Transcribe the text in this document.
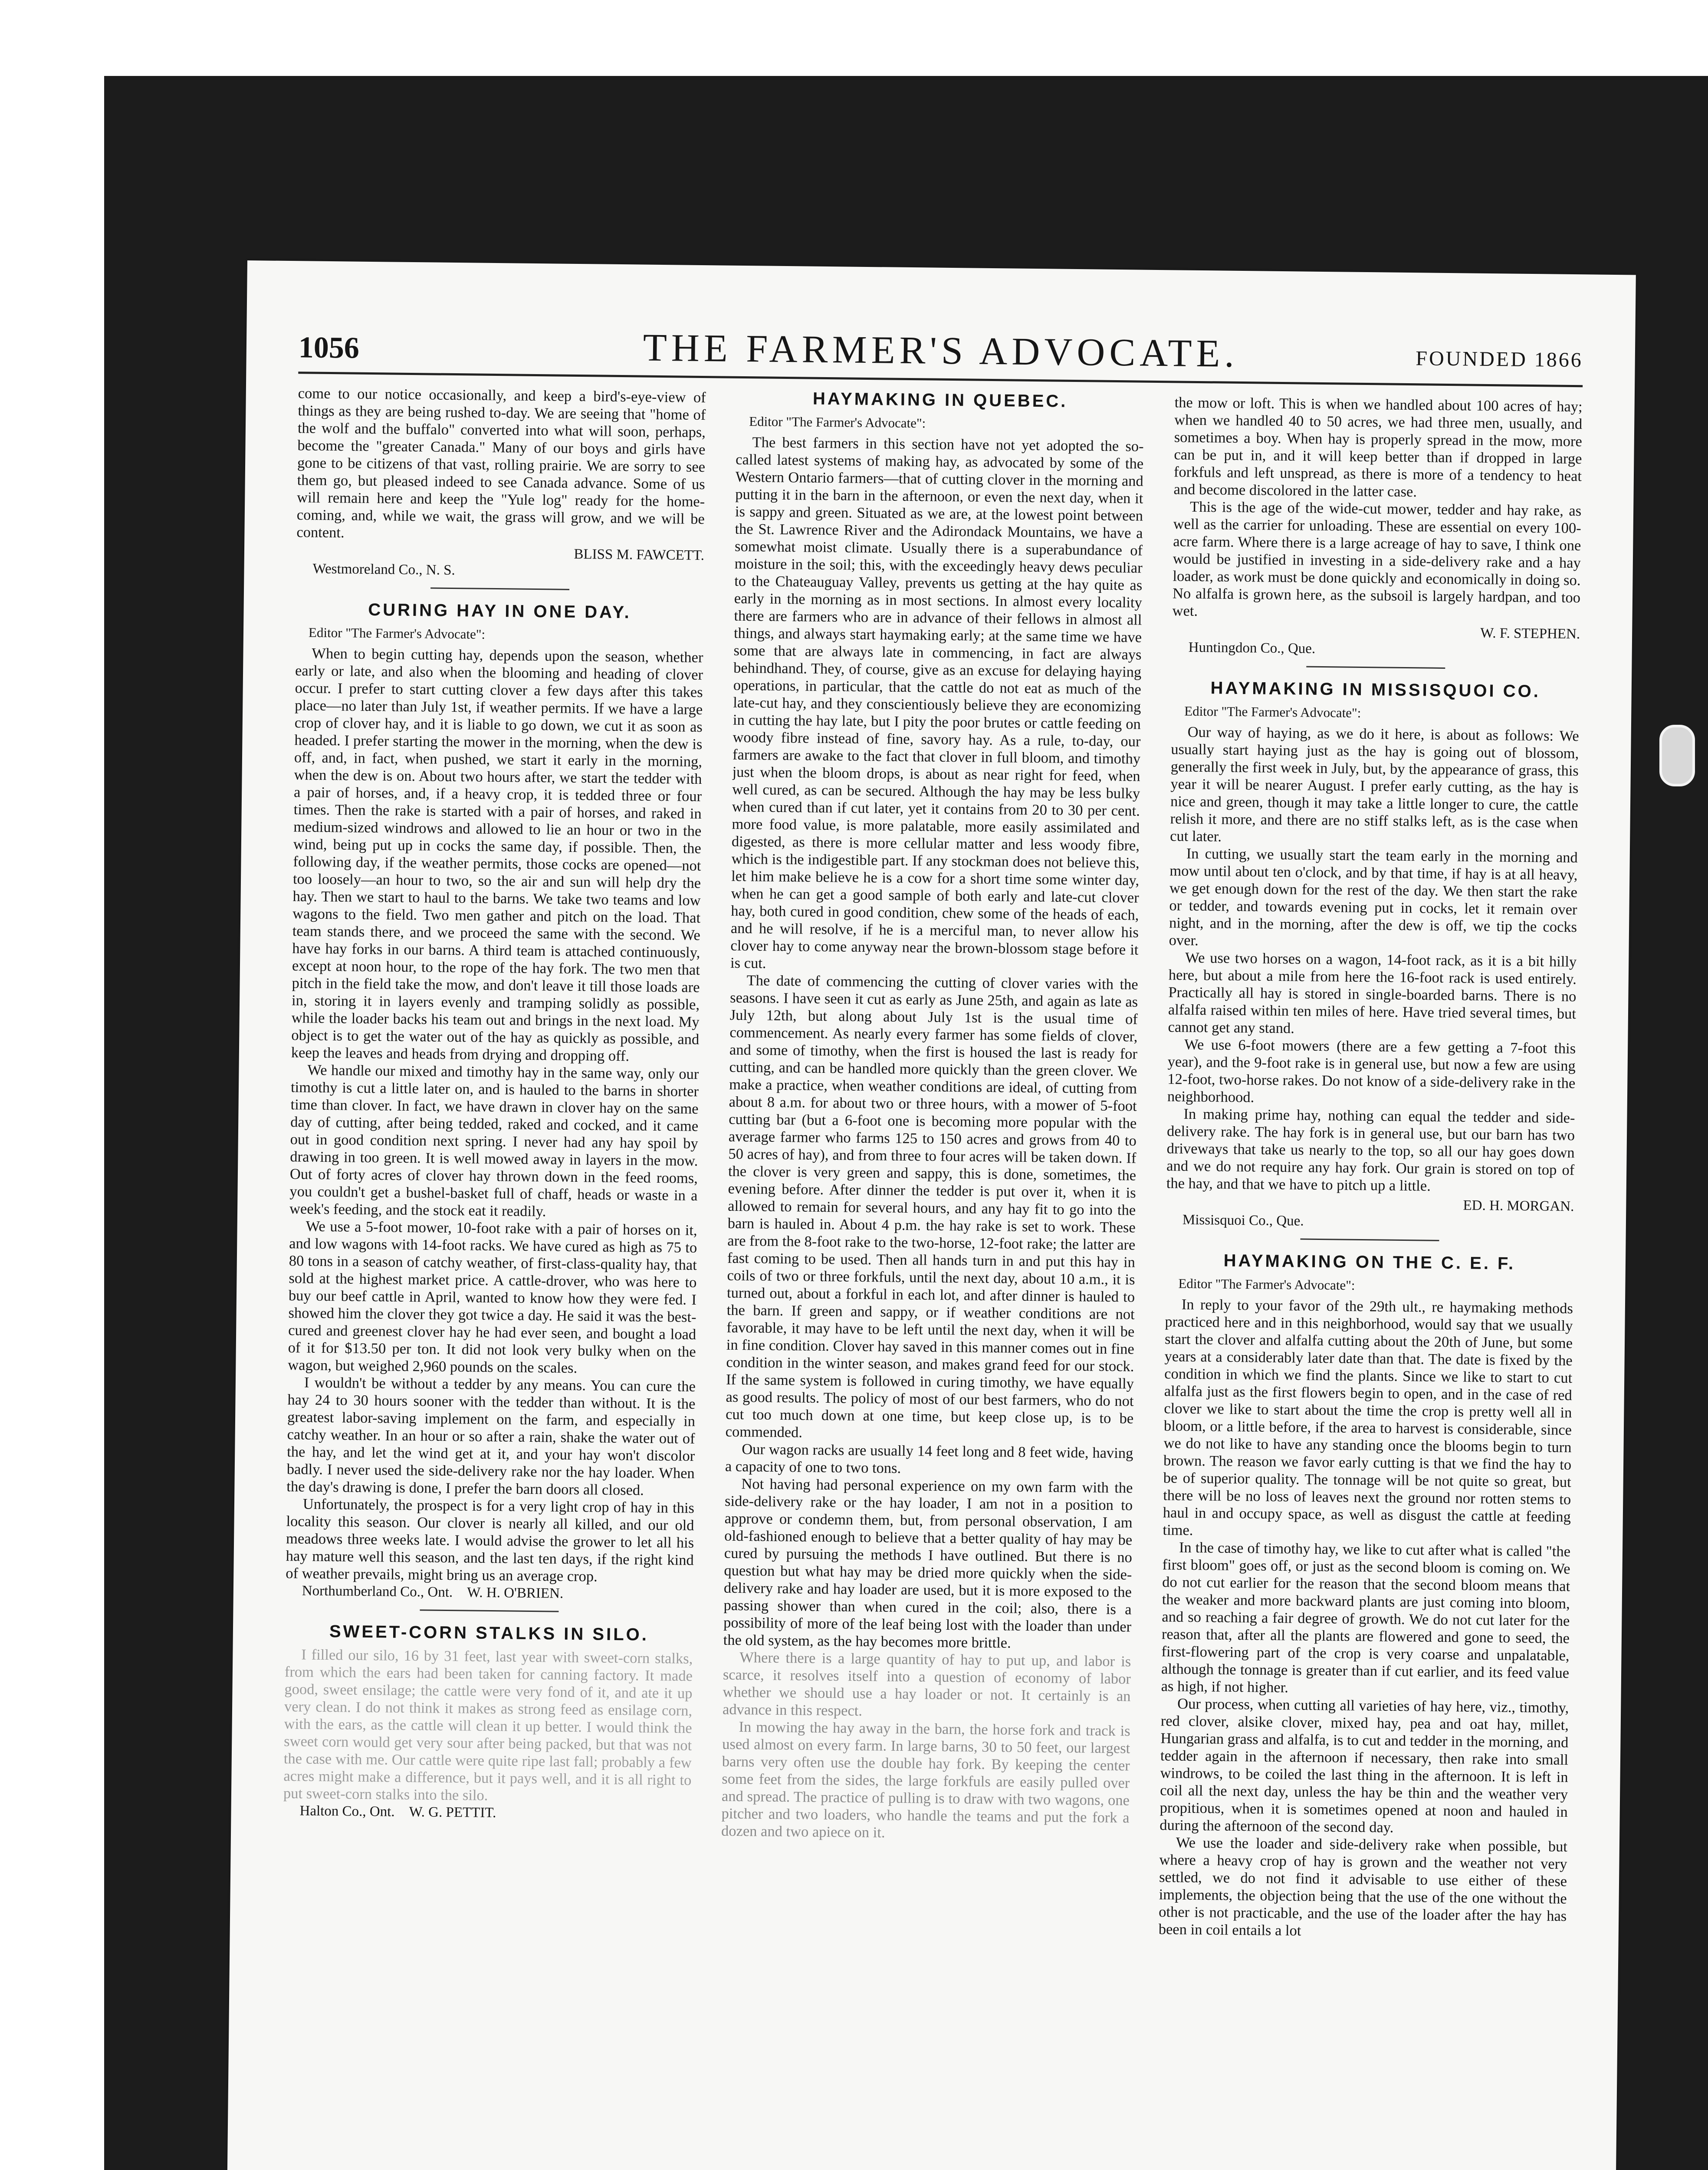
1056	THE FARMER'S ADVOCATE.	FOUNDED 1866

come to our notice occasionally, and keep a bird's-eye-view of things as they are being rushed to-day. We are seeing that "home of the wolf and the buffalo" converted into what will soon, perhaps, become the "greater Canada." Many of our boys and girls have gone to be citizens of that vast, rolling prairie. We are sorry to see them go, but pleased indeed to see Canada advance. Some of us will remain here and keep the "Yule log" ready for the home-coming, and, while we wait, the grass will grow, and we will be content.

BLISS M. FAWCETT.

Westmoreland Co., N. S.

CURING HAY IN ONE DAY.
Editor "The Farmer's Advocate":

When to begin cutting hay, depends upon the season, whether early or late, and also when the blooming and heading of clover occur. I prefer to start cutting clover a few days after this takes place—no later than July 1st, if weather permits. If we have a large crop of clover hay, and it is liable to go down, we cut it as soon as headed. I prefer starting the mower in the morning, when the dew is off, and, in fact, when pushed, we start it early in the morning, when the dew is on. About two hours after, we start the tedder with a pair of horses, and, if a heavy crop, it is tedded three or four times. Then the rake is started with a pair of horses, and raked in medium-sized windrows and allowed to lie an hour or two in the wind, being put up in cocks the same day, if possible. Then, the following day, if the weather permits, those cocks are opened—not too loosely—an hour to two, so the air and sun will help dry the hay. Then we start to haul to the barns. We take two teams and low wagons to the field. Two men gather and pitch on the load. That team stands there, and we proceed the same with the second. We have hay forks in our barns. A third team is attached continuously, except at noon hour, to the rope of the hay fork. The two men that pitch in the field take the mow, and don't leave it till those loads are in, storing it in layers evenly and tramping solidly as possible, while the loader backs his team out and brings in the next load. My object is to get the water out of the hay as quickly as possible, and keep the leaves and heads from drying and dropping off.

We handle our mixed and timothy hay in the same way, only our timothy is cut a little later on, and is hauled to the barns in shorter time than clover. In fact, we have drawn in clover hay on the same day of cutting, after being tedded, raked and cocked, and it came out in good condition next spring. I never had any hay spoil by drawing in too green. It is well mowed away in layers in the mow. Out of forty acres of clover hay thrown down in the feed rooms, you couldn't get a bushel-basket full of chaff, heads or waste in a week's feeding, and the stock eat it readily.

We use a 5-foot mower, 10-foot rake with a pair of horses on it, and low wagons with 14-foot racks. We have cured as high as 75 to 80 tons in a season of catchy weather, of first-class-quality hay, that sold at the highest market price. A cattle-drover, who was here to buy our beef cattle in April, wanted to know how they were fed. I showed him the clover they got twice a day. He said it was the best-cured and greenest clover hay he had ever seen, and bought a load of it for $13.50 per ton. It did not look very bulky when on the wagon, but weighed 2,960 pounds on the scales.

I wouldn't be without a tedder by any means. You can cure the hay 24 to 30 hours sooner with the tedder than without. It is the greatest labor-saving implement on the farm, and especially in catchy weather. In an hour or so after a rain, shake the water out of the hay, and let the wind get at it, and your hay won't discolor badly. I never used the side-delivery rake nor the hay loader. When the day's drawing is done, I prefer the barn doors all closed.

Unfortunately, the prospect is for a very light crop of hay in this locality this season. Our clover is nearly all killed, and our old meadows three weeks late. I would advise the grower to let all his hay mature well this season, and the last ten days, if the right kind of weather prevails, might bring us an average crop.

Northumberland Co., Ont. W. H. O'BRIEN.

SWEET-CORN STALKS IN SILO.

I filled our silo, 16 by 31 feet, last year with sweet-corn stalks, from which the ears had been taken for canning factory. It made good, sweet ensilage; the cattle were very fond of it, and ate it up very clean. I do not think it makes as strong feed as ensilage corn, with the ears, as the cattle will clean it up better. I would think the sweet corn would get very sour after being packed, but that was not the case with me. Our cattle were quite ripe last fall; probably a few acres might make a difference, but it pays well, and it is all right to put sweet-corn stalks into the silo.

Halton Co., Ont. W. G. PETTIT.

HAYMAKING IN QUEBEC.
Editor "The Farmer's Advocate":

The best farmers in this section have not yet adopted the so-called latest systems of making hay, as advocated by some of the Western Ontario farmers—that of cutting clover in the morning and putting it in the barn in the afternoon, or even the next day, when it is sappy and green. Situated as we are, at the lowest point between the St. Lawrence River and the Adirondack Mountains, we have a somewhat moist climate. Usually there is a superabundance of moisture in the soil; this, with the exceedingly heavy dews peculiar to the Chateauguay Valley, prevents us getting at the hay quite as early in the morning as in most sections. In almost every locality there are farmers who are in advance of their fellows in almost all things, and always start haymaking early; at the same time we have some that are always late in commencing, in fact are always behindhand. They, of course, give as an excuse for delaying haying operations, in particular, that the cattle do not eat as much of the late-cut hay, and they conscientiously believe they are economizing in cutting the hay late, but I pity the poor brutes or cattle feeding on woody fibre instead of fine, savory hay. As a rule, to-day, our farmers are awake to the fact that clover in full bloom, and timothy just when the bloom drops, is about as near right for feed, when well cured, as can be secured. Although the hay may be less bulky when cured than if cut later, yet it contains from 20 to 30 per cent. more food value, is more palatable, more easily assimilated and digested, as there is more cellular matter and less woody fibre, which is the indigestible part. If any stockman does not believe this, let him make believe he is a cow for a short time some winter day, when he can get a good sample of both early and late-cut clover hay, both cured in good condition, chew some of the heads of each, and he will resolve, if he is a merciful man, to never allow his clover hay to come anyway near the brown-blossom stage before it is cut.

The date of commencing the cutting of clover varies with the seasons. I have seen it cut as early as June 25th, and again as late as July 12th, but along about July 1st is the usual time of commencement. As nearly every farmer has some fields of clover, and some of timothy, when the first is housed the last is ready for cutting, and can be handled more quickly than the green clover. We make a practice, when weather conditions are ideal, of cutting from about 8 a.m. for about two or three hours, with a mower of 5-foot cutting bar (but a 6-foot one is becoming more popular with the average farmer who farms 125 to 150 acres and grows from 40 to 50 acres of hay), and from three to four acres will be taken down. If the clover is very green and sappy, this is done, sometimes, the evening before. After dinner the tedder is put over it, when it is allowed to remain for several hours, and any hay fit to go into the barn is hauled in. About 4 p.m. the hay rake is set to work. These are from the 8-foot rake to the two-horse, 12-foot rake; the latter are fast coming to be used. Then all hands turn in and put this hay in coils of two or three forkfuls, until the next day, about 10 a.m., it is turned out, about a forkful in each lot, and after dinner is hauled to the barn. If green and sappy, or if weather conditions are not favorable, it may have to be left until the next day, when it will be in fine condition. Clover hay saved in this manner comes out in fine condition in the winter season, and makes grand feed for our stock. If the same system is followed in curing timothy, we have equally as good results. The policy of most of our best farmers, who do not cut too much down at one time, but keep close up, is to be commended.

Our wagon racks are usually 14 feet long and 8 feet wide, having a capacity of one to two tons.

Not having had personal experience on my own farm with the side-delivery rake or the hay loader, I am not in a position to approve or condemn them, but, from personal observation, I am old-fashioned enough to believe that a better quality of hay may be cured by pursuing the methods I have outlined. But there is no question but what hay may be dried more quickly when the side-delivery rake and hay loader are used, but it is more exposed to the passing shower than when cured in the coil; also, there is a possibility of more of the leaf being lost with the loader than under the old system, as the hay becomes more brittle.

Where there is a large quantity of hay to put up, and labor is scarce, it resolves itself into a question of economy of labor whether we should use a hay loader or not. It certainly is an advance in this respect.

In mowing the hay away in the barn, the horse fork and track is used almost on every farm. In large barns, 30 to 50 feet, our largest barns very often use the double hay fork. By keeping the center some feet from the sides, the large forkfuls are easily pulled over and spread. The practice of pulling is to draw with two wagons, one pitcher and two loaders, who handle the teams and put the fork a dozen and two apiece on it.

the mow or loft. This is when we handled about 100 acres of hay; when we handled 40 to 50 acres, we had three men, usually, and sometimes a boy. When hay is properly spread in the mow, more can be put in, and it will keep better than if dropped in large forkfuls and left unspread, as there is more of a tendency to heat and become discolored in the latter case.

This is the age of the wide-cut mower, tedder and hay rake, as well as the carrier for unloading. These are essential on every 100-acre farm. Where there is a large acreage of hay to save, I think one would be justified in investing in a side-delivery rake and a hay loader, as work must be done quickly and economically in doing so. No alfalfa is grown here, as the subsoil is largely hardpan, and too wet.

W. F. STEPHEN.

Huntingdon Co., Que.

HAYMAKING IN MISSISQUOI CO.
Editor "The Farmer's Advocate":

Our way of haying, as we do it here, is about as follows: We usually start haying just as the hay is going out of blossom, generally the first week in July, but, by the appearance of grass, this year it will be nearer August. I prefer early cutting, as the hay is nice and green, though it may take a little longer to cure, the cattle relish it more, and there are no stiff stalks left, as is the case when cut later.

In cutting, we usually start the team early in the morning and mow until about ten o'clock, and by that time, if hay is at all heavy, we get enough down for the rest of the day. We then start the rake or tedder, and towards evening put in cocks, let it remain over night, and in the morning, after the dew is off, we tip the cocks over.

We use two horses on a wagon, 14-foot rack, as it is a bit hilly here, but about a mile from here the 16-foot rack is used entirely. Practically all hay is stored in single-boarded barns. There is no alfalfa raised within ten miles of here. Have tried several times, but cannot get any stand.

We use 6-foot mowers (there are a few getting a 7-foot this year), and the 9-foot rake is in general use, but now a few are using 12-foot, two-horse rakes. Do not know of a side-delivery rake in the neighborhood.

In making prime hay, nothing can equal the tedder and side-delivery rake. The hay fork is in general use, but our barn has two driveways that take us nearly to the top, so all our hay goes down and we do not require any hay fork. Our grain is stored on top of the hay, and that we have to pitch up a little.

ED. H. MORGAN.

Missisquoi Co., Que.

HAYMAKING ON THE C. E. F.
Editor "The Farmer's Advocate":

In reply to your favor of the 29th ult., re haymaking methods practiced here and in this neighborhood, would say that we usually start the clover and alfalfa cutting about the 20th of June, but some years at a considerably later date than that. The date is fixed by the condition in which we find the plants. Since we like to start to cut alfalfa just as the first flowers begin to open, and in the case of red clover we like to start about the time the crop is pretty well all in bloom, or a little before, if the area to harvest is considerable, since we do not like to have any standing once the blooms begin to turn brown. The reason we favor early cutting is that we find the hay to be of superior quality. The tonnage will be not quite so great, but there will be no loss of leaves next the ground nor rotten stems to haul in and occupy space, as well as disgust the cattle at feeding time.

In the case of timothy hay, we like to cut after what is called "the first bloom" goes off, or just as the second bloom is coming on. We do not cut earlier for the reason that the second bloom means that the weaker and more backward plants are just coming into bloom, and so reaching a fair degree of growth. We do not cut later for the reason that, after all the plants are flowered and gone to seed, the first-flowering part of the crop is very coarse and unpalatable, although the tonnage is greater than if cut earlier, and its feed value as high, if not higher.

Our process, when cutting all varieties of hay here, viz., timothy, red clover, alsike clover, mixed hay, pea and oat hay, millet, Hungarian grass and alfalfa, is to cut and tedder in the morning, and tedder again in the afternoon if necessary, then rake into small windrows, to be coiled the last thing in the afternoon. It is left in coil all the next day, unless the hay be thin and the weather very propitious, when it is sometimes opened at noon and hauled in during the afternoon of the second day.

We use the loader and side-delivery rake when possible, but where a heavy crop of hay is grown and the weather not very settled, we do not find it advisable to use either of these implements, the objection being that the use of the one without the other is not practicable, and the use of the loader after the hay has been in coil entails a lot
